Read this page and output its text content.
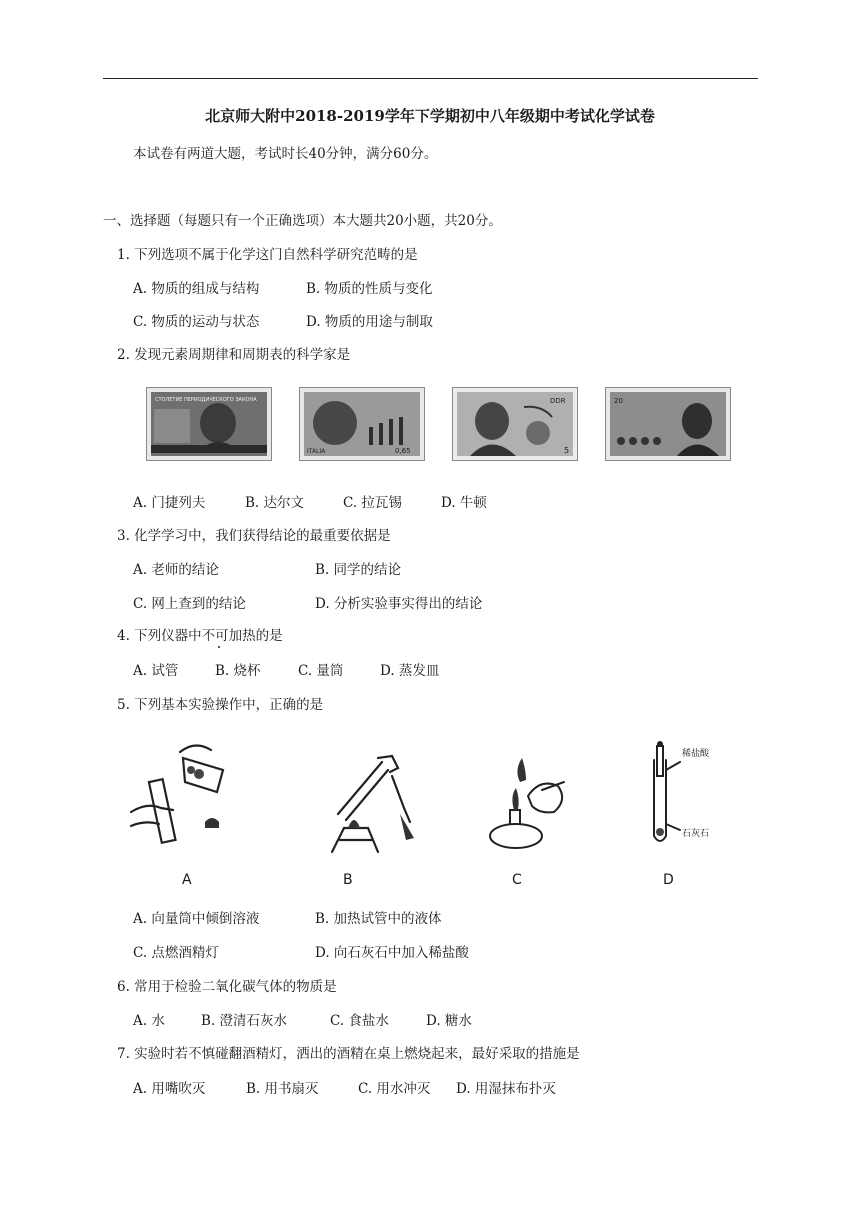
北京师大附中2018-2019学年下学期初中八年级期中考试化学试卷
本试卷有两道大题，考试时长40分钟，满分60分。
一、选择题（每题只有一个正确选项）本大题共20小题，共20分。
1. 下列选项不属于化学这门自然科学研究范畴的是
A. 物质的组成与结构	B. 物质的性质与变化
C. 物质的运动与状态	D. 物质的用途与制取
2. 发现元素周期律和周期表的科学家是
СТОЛЕТИЕ ПЕРИОДИЧЕСКОГО ЗАКОНА
ITALIA	0,65
DDR
5
20
A. 门捷列夫	B. 达尔文	C. 拉瓦锡	D. 牛顿
3. 化学学习中，我们获得结论的最重要依据是
A. 老师的结论	B. 同学的结论
C. 网上查到的结论	D. 分析实验事实得出的结论
4. 下列仪器中不可加热的是
A. 试管	B. 烧杯	C. 量筒	D. 蒸发皿
5. 下列基本实验操作中，正确的是
稀盐酸
石灰石
A	B	C	D
A. 向量筒中倾倒溶液	B. 加热试管中的液体
C. 点燃酒精灯	D. 向石灰石中加入稀盐酸
6. 常用于检验二氧化碳气体的物质是
A. 水	B. 澄清石灰水	C. 食盐水	D. 糖水
7. 实验时若不慎碰翻酒精灯，洒出的酒精在桌上燃烧起来，最好采取的措施是
A. 用嘴吹灭	B. 用书扇灭	C. 用水冲灭 D. 用湿抹布扑灭
